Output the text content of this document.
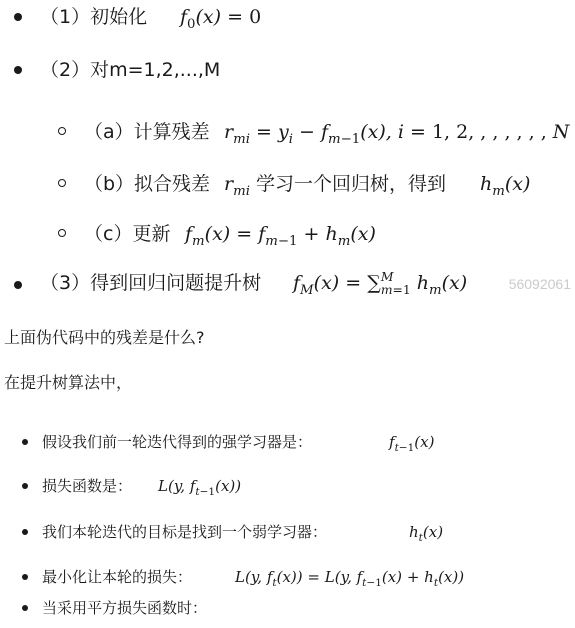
（1）初始化 $f_0(x) = 0$
（2）对m=1,2,...,M
（a）计算残差 $r_{mi} = y_i - f_{m-1}(x)$, i = 1, 2, , , , , , , N
（b）拟合残差 $r_{mi}$ 学习一个回归树，得到 $h_m(x)$
（c）更新 $f_m(x) = f_{m-1} + h_m(x)$
（3）得到回归问题提升树 $f_M(x)$ = ∑ M
m=1 $h_m(x)$	56092061
上面伪代码中的残差是什么?
在提升树算法中，
假设我们前一轮迭代得到的强学习器是：	$f_{t-1}(x)$
损失函数是： L(y, $f_{t-1}(x)$)
我们本轮迭代的目标是找到一个弱学习器：	$h_t(x)$
最小化让本轮的损失：	L(y, $f_t(x)) = L(y$, $f_{t-1}(x) + h_t(x)$)
当采用平方损失函数时：
